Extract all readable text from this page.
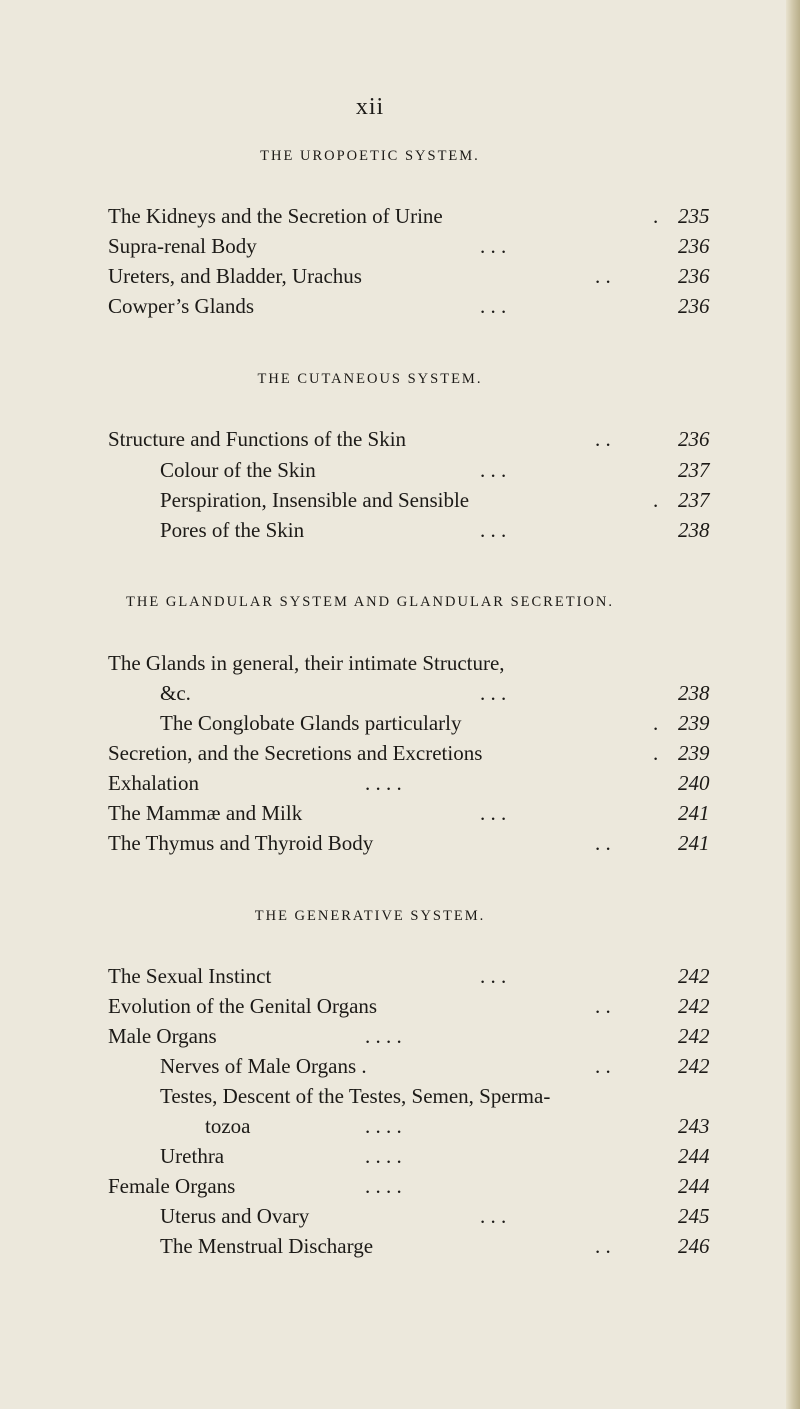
xii
THE UROPOETIC SYSTEM.
The Kidneys and the Secretion of Urine	. 235
Supra-renal Body	. . .	236
Ureters, and Bladder, Urachus	. .	236
Cowper’s Glands	. . .	236
THE CUTANEOUS SYSTEM.
Structure and Functions of the Skin	. .	236
Colour of the Skin	. . .	237
Perspiration, Insensible and Sensible	. 237
Pores of the Skin	. . .	238
THE GLANDULAR SYSTEM AND GLANDULAR SECRETION.
The Glands in general, their intimate Structure,
&c.	. . .	238
The Conglobate Glands particularly	. 239
Secretion, and the Secretions and Excretions	. 239
Exhalation	. . . .	240
The Mammæ and Milk	. . .	241
The Thymus and Thyroid Body	. .	241
THE GENERATIVE SYSTEM.
The Sexual Instinct	. . .	242
Evolution of the Genital Organs	. .	242
Male Organs	. . . .	242
Nerves of Male Organs .	. .	242
Testes, Descent of the Testes, Semen, Sperma-
tozoa	. . . .	243
Urethra	. . . .	244
Female Organs	. . . .	244
Uterus and Ovary	. . .	245
The Menstrual Discharge	. .	246
